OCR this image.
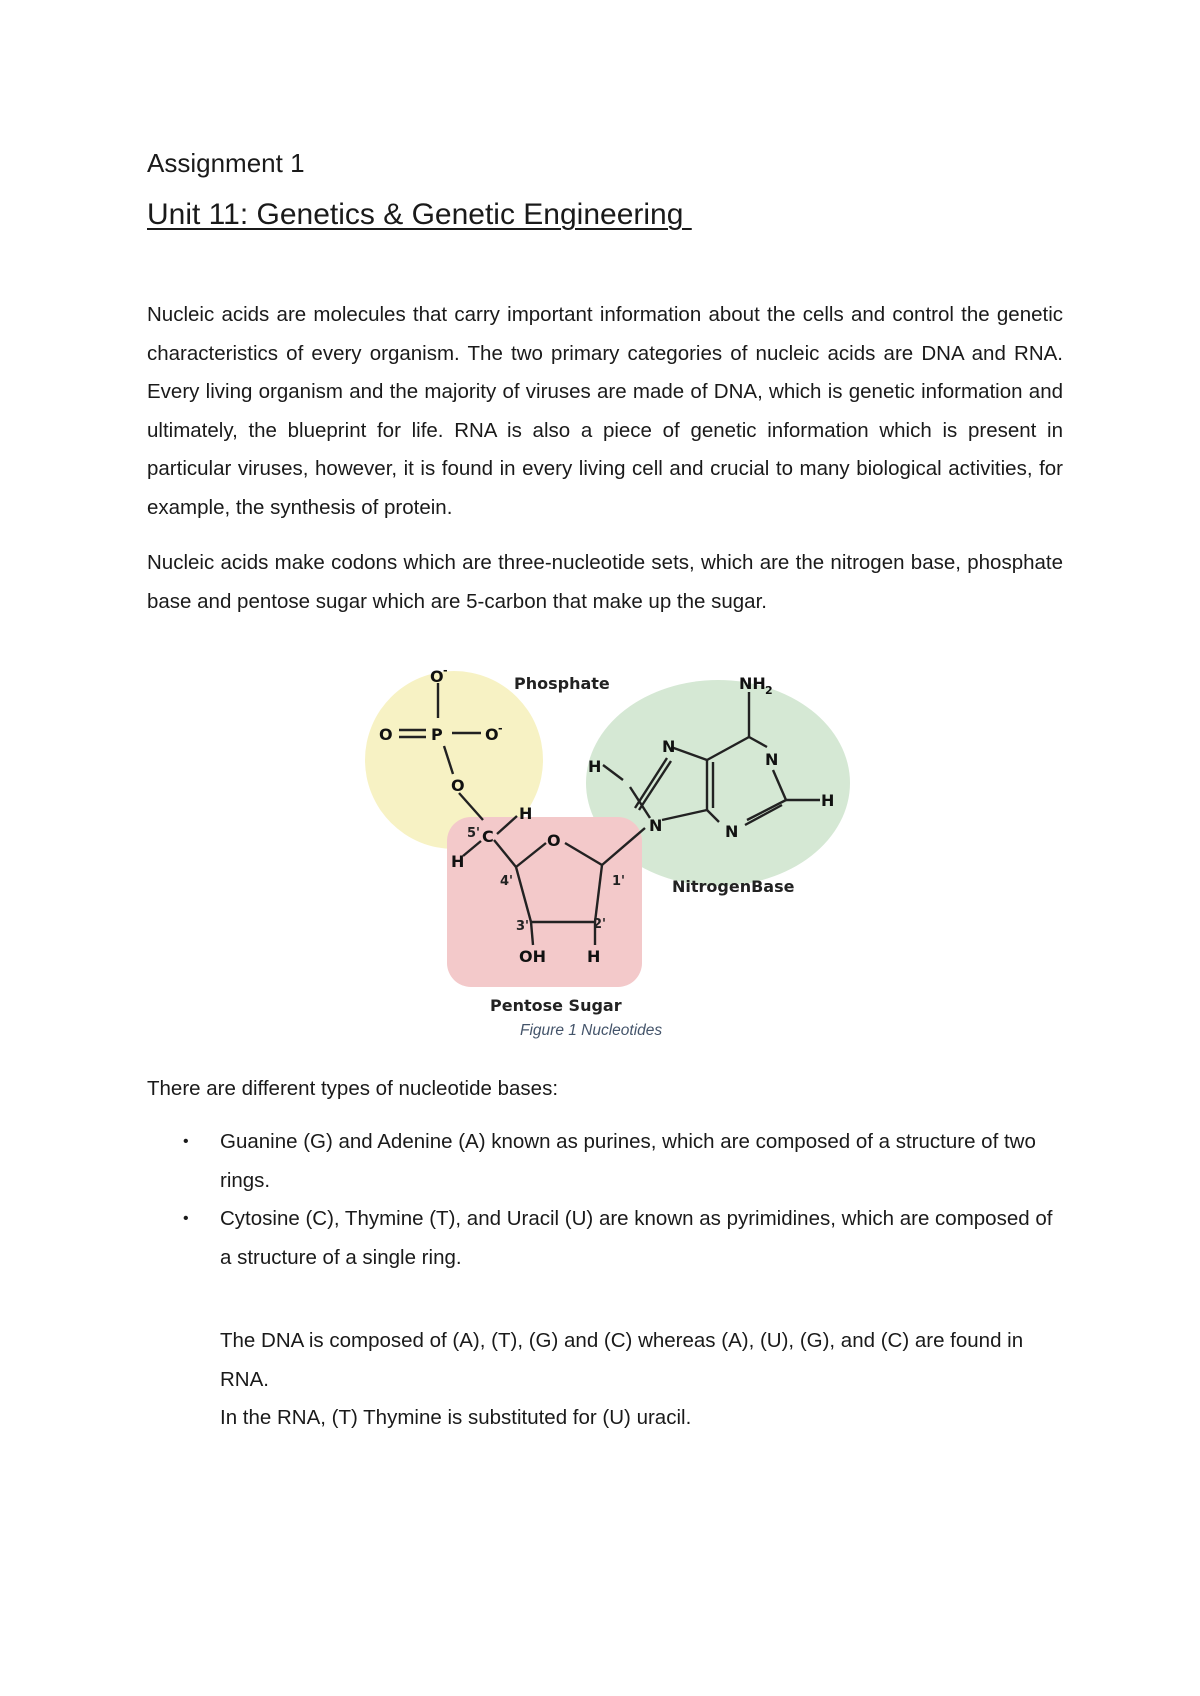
Assignment 1
Unit 11: Genetics & Genetic Engineering

Nucleic acids are molecules that carry important information about the cells and control the genetic characteristics of every organism. The two primary categories of nucleic acids are DNA and RNA. Every living organism and the majority of viruses are made of DNA, which is genetic information and ultimately, the blueprint for life. RNA is also a piece of genetic information which is present in particular viruses, however, it is found in every living cell and crucial to many biological activities, for example, the synthesis of protein.

Nucleic acids make codons which are three-nucleotide sets, which are the nitrogen base, phosphate base and pentose sugar which are 5-carbon that make up the sugar.

O -
O P	O -
O
C
H
H
O
OH	H
5'
4'
3'	2'
1'
NH 2
N
N
H
N	N
H
Phosphate
NitrogenBase
Pentose Sugar
Figure 1 Nucleotides
There are different types of nucleotide bases:
• Guanine (G) and Adenine (A) known as purines, which are composed of a structure of two rings.
• Cytosine (C), Thymine (T), and Uracil (U) are known as pyrimidines, which are composed of a structure of a single ring.
The DNA is composed of (A), (T), (G) and (C) whereas (A), (U), (G), and (C) are found in RNA.
In the RNA, (T) Thymine is substituted for (U) uracil.
